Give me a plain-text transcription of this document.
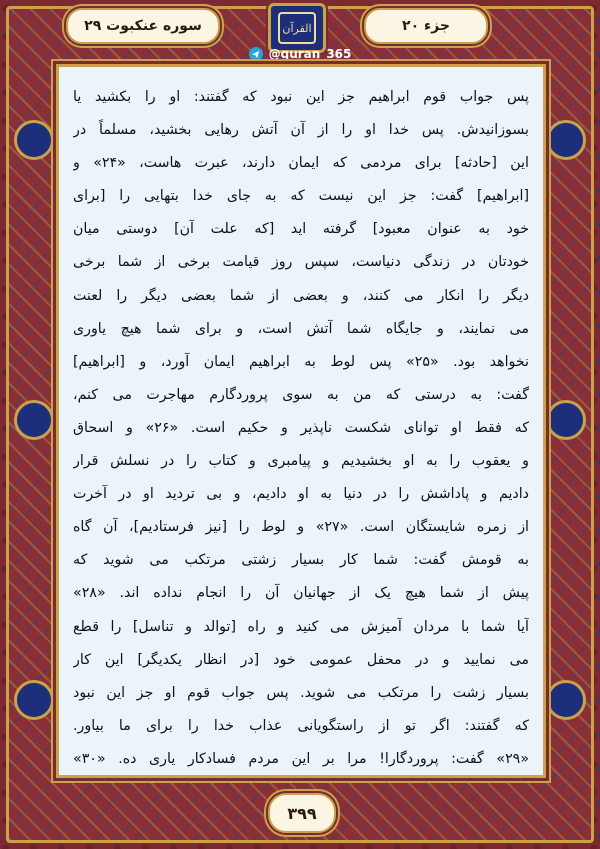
سوره عنکبوت ۲۹	القرآن	جزء ۲۰
@quran_365
پس جواب قوم ابراهیم جز این نبود که گفتند: او را بکشید یا
بسوزانیدش. پس خدا او را از آن آتش رهایی بخشید، مسلماً در
این [حادثه] برای مردمی که ایمان دارند، عبرت هاست، «۲۴» و
[ابراهیم] گفت: جز این نیست که به جای خدا بتهایی را [برای
خود به عنوان معبود] گرفته اید [که علت آن] دوستی میان
خودتان در زندگی دنیاست، سپس روز قیامت برخی از شما برخی
دیگر را انکار می کنند، و بعضی از شما بعضی دیگر را لعنت
می نمایند، و جایگاه شما آتش است، و برای شما هیچ یاوری
نخواهد بود. «۲۵» پس لوط به ابراهیم ایمان آورد، و [ابراهیم]
گفت: به درستی که من به سوی پروردگارم مهاجرت می کنم،
که فقط او توانای شکست ناپذیر و حکیم است. «۲۶» و اسحاق
و یعقوب را به او بخشیدیم و پیامبری و کتاب را در نسلش قرار
دادیم و پاداشش را در دنیا به او دادیم، و بی تردید او در آخرت
از زمره شایستگان است. «۲۷» و لوط را [نیز فرستادیم]، آن گاه
به قومش گفت: شما کار بسیار زشتی مرتکب می شوید که
پیش از شما هیچ یک از جهانیان آن را انجام نداده اند. «۲۸»
آیا شما با مردان آمیزش می کنید و راه [توالد و تناسل] را قطع
می نمایید و در محفل عمومی خود [در انظار یکدیگر] این کار
بسیار زشت را مرتکب می شوید. پس جواب قوم او جز این نبود
که گفتند: اگر تو از راستگویانی عذاب خدا را برای ما بیاور.
«۲۹» گفت: پروردگارا! مرا بر این مردم فسادکار یاری ده. «۳۰»
۳۹۹
